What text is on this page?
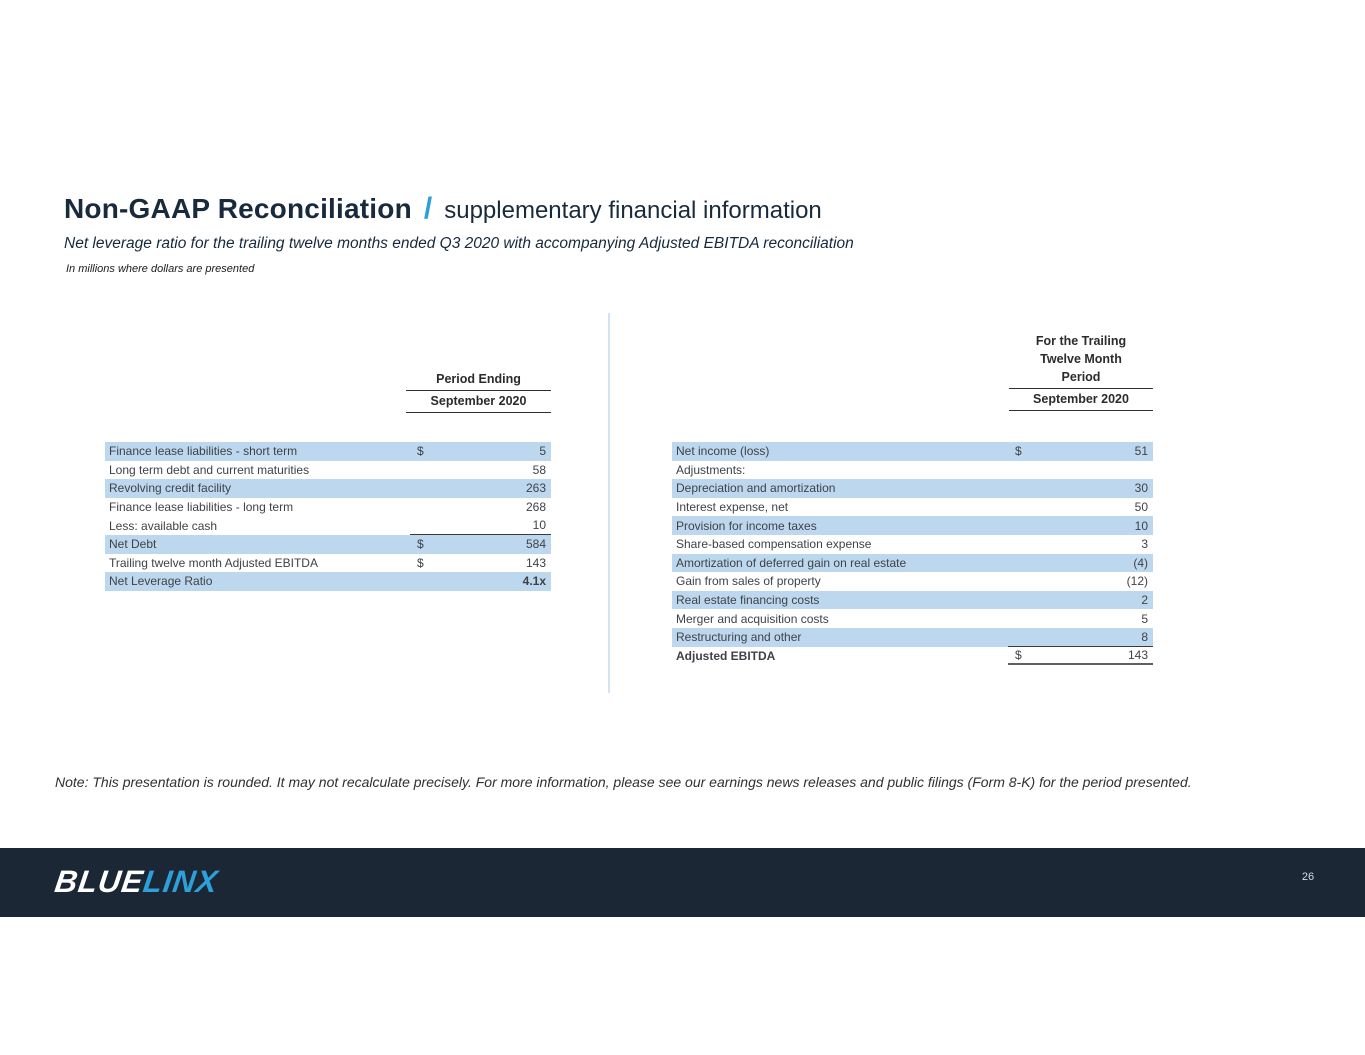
Non-GAAP Reconciliation / supplementary financial information
Net leverage ratio for the trailing twelve months ended Q3 2020 with accompanying Adjusted EBITDA reconciliation
In millions where dollars are presented
Period Ending
September 2020
Finance lease liabilities - short term	$	5
Long term debt and current maturities	58
Revolving credit facility	263
Finance lease liabilities - long term	268
Less: available cash	10
Net Debt	$	584
Trailing twelve month Adjusted EBITDA	$	143
Net Leverage Ratio	4.1x
For the Trailing
Twelve Month
Period
September 2020
Net income (loss)	$	51
Adjustments:
Depreciation and amortization	30
Interest expense, net	50
Provision for income taxes	10
Share-based compensation expense	3
Amortization of deferred gain on real estate	(4)
Gain from sales of property	(12)
Real estate financing costs	2
Merger and acquisition costs	5
Restructuring and other	8
Adjusted EBITDA	$	143
Note: This presentation is rounded. It may not recalculate precisely. For more information, please see our earnings news releases and public filings (Form 8-K) for the period presented.
BLUELINX	26
